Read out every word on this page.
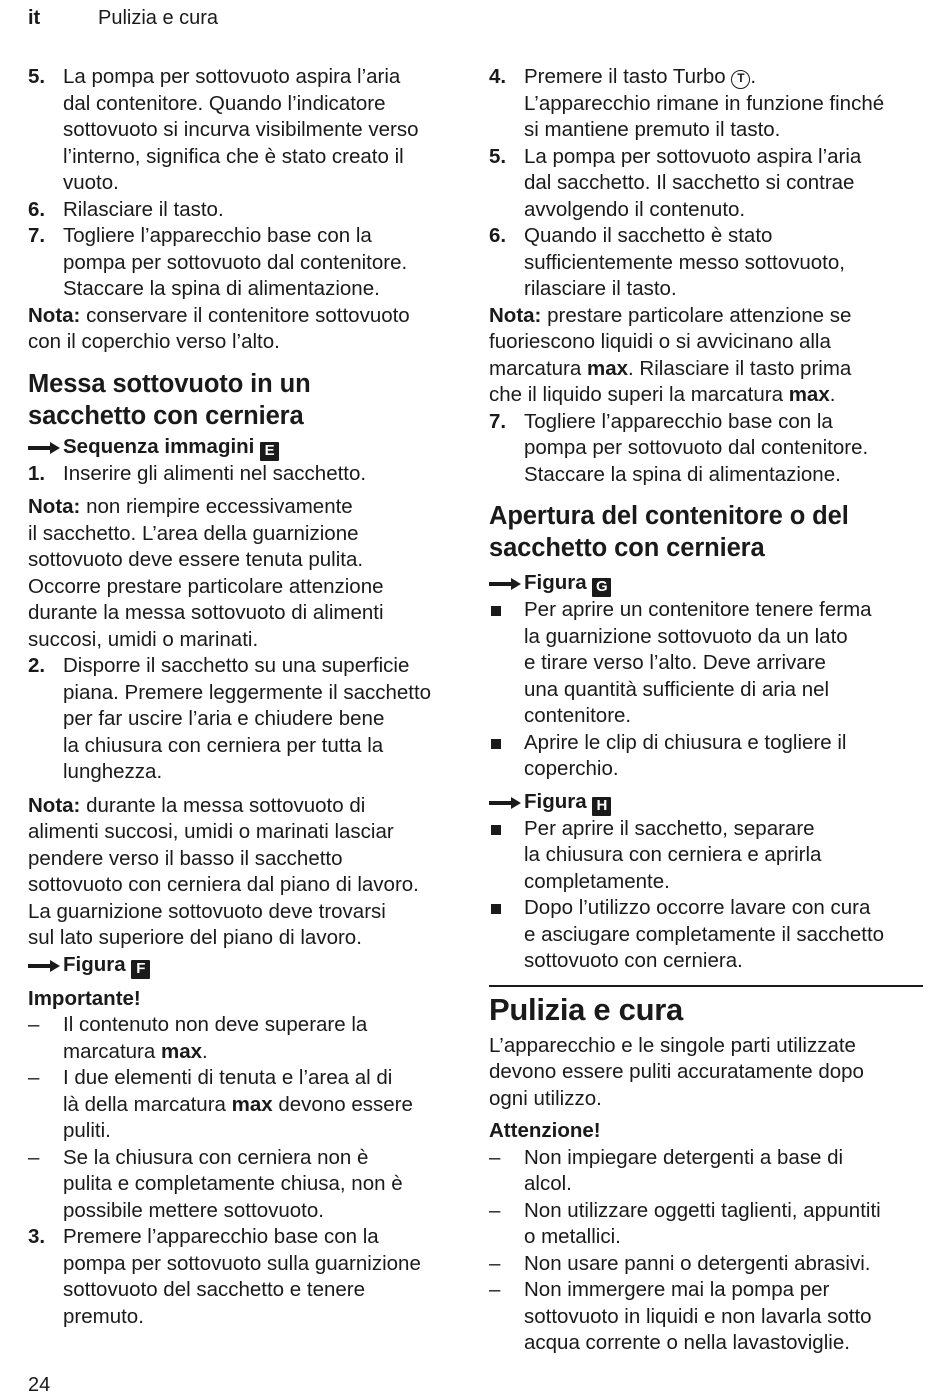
it	Pulizia e cura
5. La pompa per sottovuoto aspira l’aria

dal contenitore. Quando l’indicatore

sottovuoto si incurva visibilmente verso

l’interno, significa che è stato creato il

vuoto.

6. Rilasciare il tasto.

7. Togliere l’apparecchio base con la

pompa per sottovuoto dal contenitore.

Staccare la spina di alimentazione.

Nota: conservare il contenitore sottovuoto

con il coperchio verso l’alto.

Messa sottovuoto in un

sacchetto con cerniera

Sequenza immagini E
1. Inserire gli alimenti nel sacchetto.

Nota: non riempire eccessivamente

il sacchetto. L’area della guarnizione

sottovuoto deve essere tenuta pulita.

Occorre prestare particolare attenzione

durante la messa sottovuoto di alimenti

succosi, umidi o marinati.

2. Disporre il sacchetto su una superficie

piana. Premere leggermente il sacchetto

per far uscire l’aria e chiudere bene

la chiusura con cerniera per tutta la

lunghezza.

Nota: durante la messa sottovuoto di

alimenti succosi, umidi o marinati lasciar

pendere verso il basso il sacchetto

sottovuoto con cerniera dal piano di lavoro.

La guarnizione sottovuoto deve trovarsi

sul lato superiore del piano di lavoro.

Figura F

Importante!

– Il contenuto non deve superare la

marcatura max.

– I due elementi di tenuta e l’area al di

là della marcatura max devono essere

puliti.

– Se la chiusura con cerniera non è

pulita e completamente chiusa, non è

possibile mettere sottovuoto.

3. Premere l’apparecchio base con la

pompa per sottovuoto sulla guarnizione

sottovuoto del sacchetto e tenere

premuto.

4. Premere il tasto Turbo T .

L’apparecchio rimane in funzione finché

si mantiene premuto il tasto.

5. La pompa per sottovuoto aspira l’aria

dal sacchetto. Il sacchetto si contrae

avvolgendo il contenuto.

6. Quando il sacchetto è stato

sufficientemente messo sottovuoto,

rilasciare il tasto.

Nota: prestare particolare attenzione se

fuoriescono liquidi o si avvicinano alla

marcatura max. Rilasciare il tasto prima

che il liquido superi la marcatura max.

7. Togliere l’apparecchio base con la

pompa per sottovuoto dal contenitore.

Staccare la spina di alimentazione.

Apertura del contenitore o del

sacchetto con cerniera

Figura G

Per aprire un contenitore tenere ferma

la guarnizione sottovuoto da un lato

e tirare verso l’alto. Deve arrivare

una quantità sufficiente di aria nel

contenitore.

Aprire le clip di chiusura e togliere il

coperchio.

Figura H

Per aprire il sacchetto, separare

la chiusura con cerniera e aprirla

completamente.

Dopo l’utilizzo occorre lavare con cura

e asciugare completamente il sacchetto

sottovuoto con cerniera.

Pulizia e cura

L’apparecchio e le singole parti utilizzate

devono essere puliti accuratamente dopo

ogni utilizzo.

Attenzione!

– Non impiegare detergenti a base di

alcol.

– Non utilizzare oggetti taglienti, appuntiti

o metallici.

– Non usare panni o detergenti abrasivi.

– Non immergere mai la pompa per

sottovuoto in liquidi e non lavarla sotto

acqua corrente o nella lavastoviglie.

24
